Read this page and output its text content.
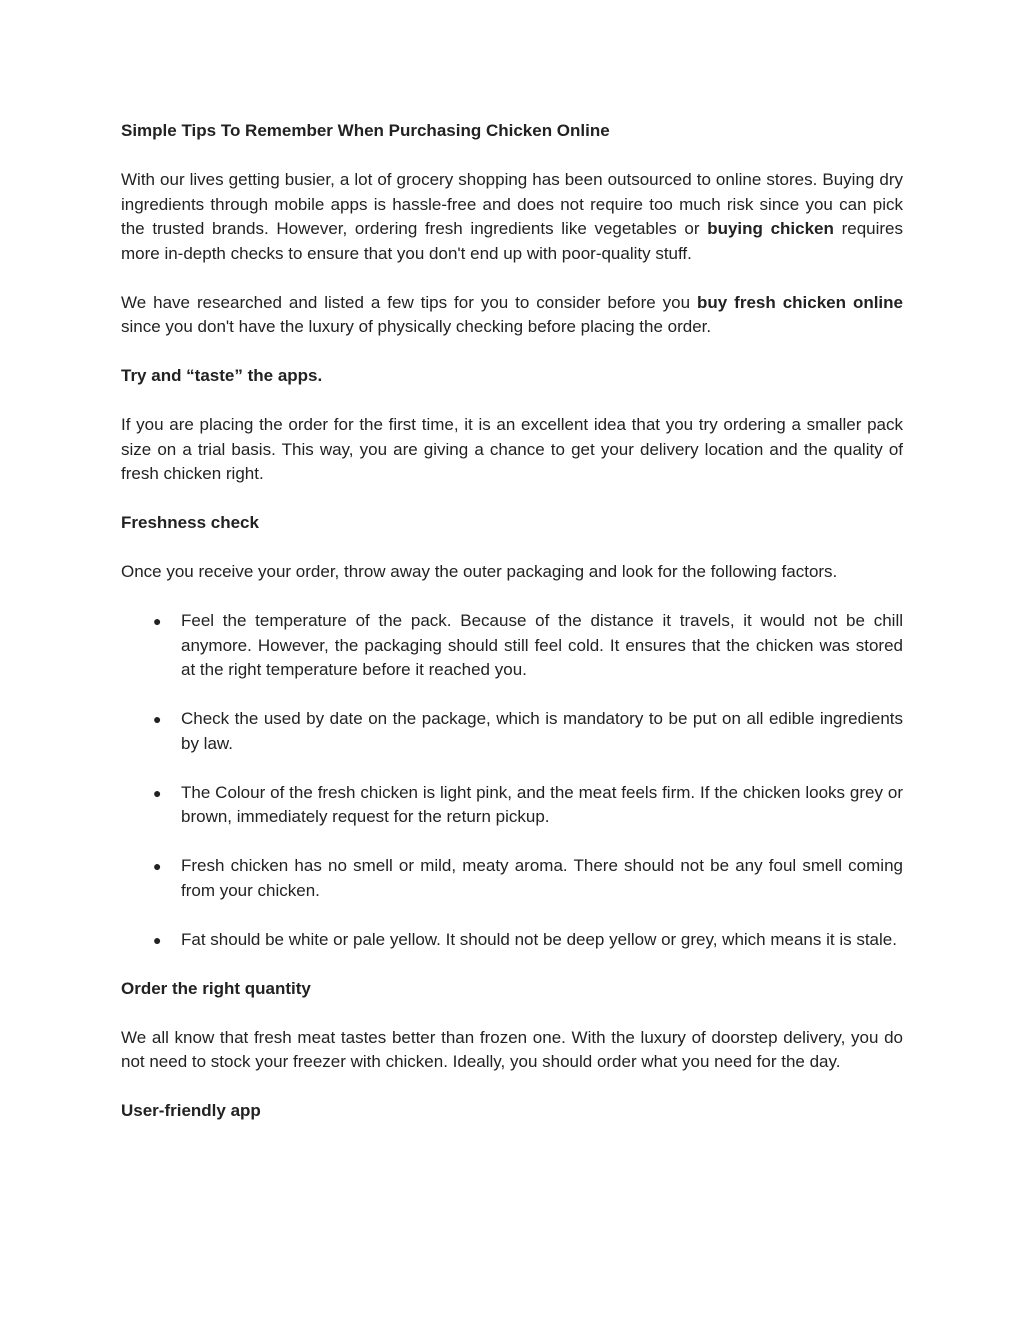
Simple Tips To Remember When Purchasing Chicken Online

With our lives getting busier, a lot of grocery shopping has been outsourced to online stores. Buying dry ingredients through mobile apps is hassle-free and does not require too much risk since you can pick the trusted brands. However, ordering fresh ingredients like vegetables or buying chicken requires more in-depth checks to ensure that you don't end up with poor-quality stuff.

We have researched and listed a few tips for you to consider before you buy fresh chicken online since you don't have the luxury of physically checking before placing the order.

Try and “taste” the apps.

If you are placing the order for the first time, it is an excellent idea that you try ordering a smaller pack size on a trial basis. This way, you are giving a chance to get your delivery location and the quality of fresh chicken right.

Freshness check

Once you receive your order, throw away the outer packaging and look for the following factors.

● Feel the temperature of the pack. Because of the distance it travels, it would not be chill anymore. However, the packaging should still feel cold. It ensures that the chicken was stored at the right temperature before it reached you.
● Check the used by date on the package, which is mandatory to be put on all edible ingredients by law.
● The Colour of the fresh chicken is light pink, and the meat feels firm. If the chicken looks grey or brown, immediately request for the return pickup.
● Fresh chicken has no smell or mild, meaty aroma. There should not be any foul smell coming from your chicken.
● Fat should be white or pale yellow. It should not be deep yellow or grey, which means it is stale.
Order the right quantity

We all know that fresh meat tastes better than frozen one. With the luxury of doorstep delivery, you do not need to stock your freezer with chicken. Ideally, you should order what you need for the day.

User-friendly app
